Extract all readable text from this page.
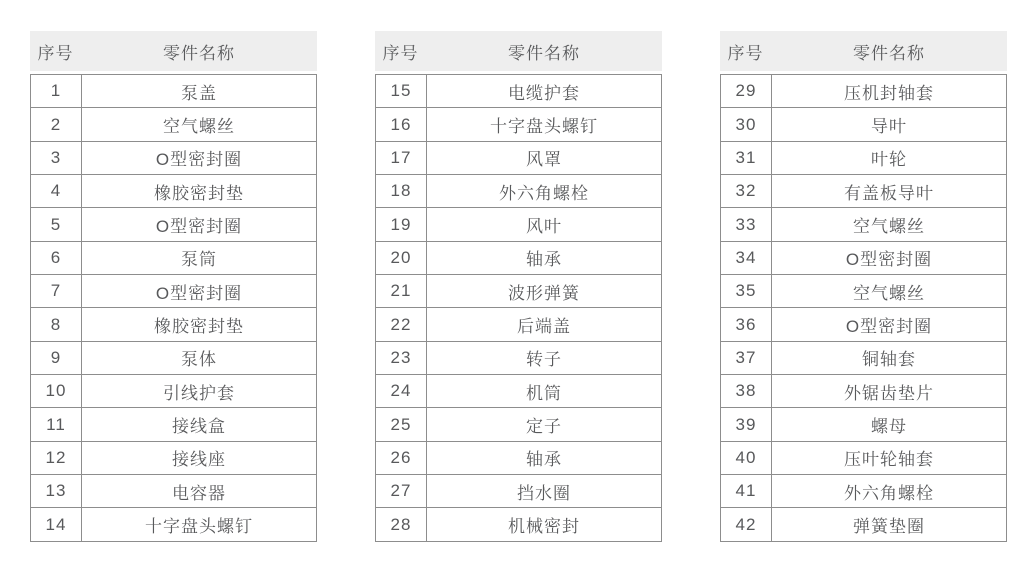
序号	零件名称
1	泵盖
2	空气螺丝
3	O型密封圈
4	橡胶密封垫
5	O型密封圈
6	泵筒
7	O型密封圈
8	橡胶密封垫
9	泵体
10	引线护套
11	接线盒
12	接线座
13	电容器
14	十字盘头螺钉
序号	零件名称
15	电缆护套
16	十字盘头螺钉
17	风罩
18	外六角螺栓
19	风叶
20	轴承
21	波形弹簧
22	后端盖
23	转子
24	机筒
25	定子
26	轴承
27	挡水圈
28	机械密封
序号	零件名称
29	压机封轴套
30	导叶
31	叶轮
32	有盖板导叶
33	空气螺丝
34	O型密封圈
35	空气螺丝
36	O型密封圈
37	铜轴套
38	外锯齿垫片
39	螺母
40	压叶轮轴套
41	外六角螺栓
42	弹簧垫圈
